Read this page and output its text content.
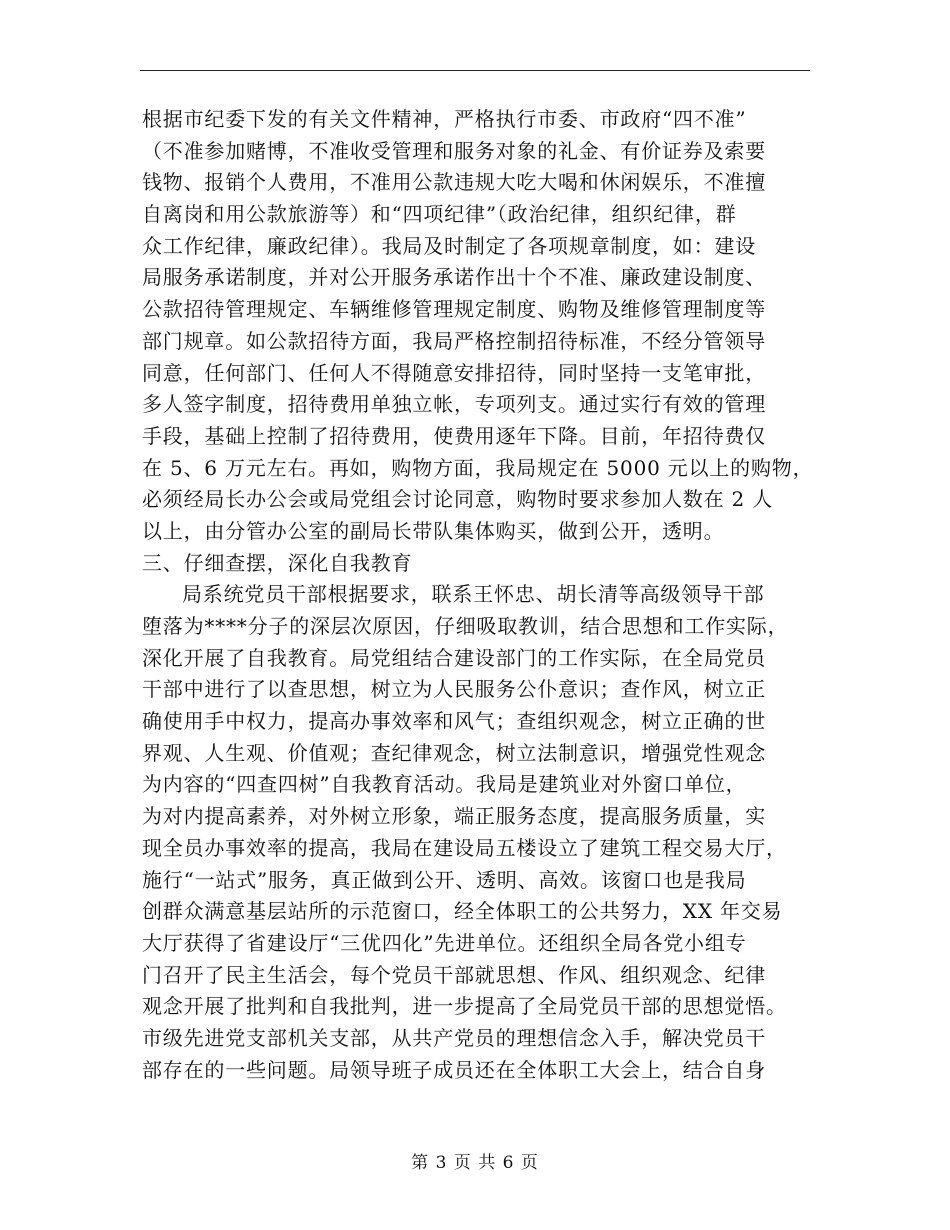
根据市纪委下发的有关文件精神，严格执行市委、市政府“四不准”
（不准参加赌博，不准收受管理和服务对象的礼金、有价证券及索要
钱物、报销个人费用，不准用公款违规大吃大喝和休闲娱乐，不准擅
自离岗和用公款旅游等）和“四项纪律”（政治纪律，组织纪律，群
众工作纪律，廉政纪律）。我局及时制定了各项规章制度，如：建设
局服务承诺制度，并对公开服务承诺作出十个不准、廉政建设制度、
公款招待管理规定、车辆维修管理规定制度、购物及维修管理制度等
部门规章。如公款招待方面，我局严格控制招待标准，不经分管领导
同意，任何部门、任何人不得随意安排招待，同时坚持一支笔审批，
多人签字制度，招待费用单独立帐，专项列支。通过实行有效的管理
手段，基础上控制了招待费用，使费用逐年下降。目前，年招待费仅
在 5、6 万元左右。再如，购物方面，我局规定在 5000 元以上的购物，
必须经局长办公会或局党组会讨论同意，购物时要求参加人数在 2 人
以上，由分管办公室的副局长带队集体购买，做到公开，透明。
三、仔细查摆，深化自我教育
局系统党员干部根据要求，联系王怀忠、胡长清等高级领导干部
堕落为****分子的深层次原因，仔细吸取教训，结合思想和工作实际，
深化开展了自我教育。局党组结合建设部门的工作实际，在全局党员
干部中进行了以查思想，树立为人民服务公仆意识；查作风，树立正
确使用手中权力，提高办事效率和风气；查组织观念，树立正确的世
界观、人生观、价值观；查纪律观念，树立法制意识，增强党性观念
为内容的“四查四树”自我教育活动。我局是建筑业对外窗口单位，
为对内提高素养，对外树立形象，端正服务态度，提高服务质量，实
现全员办事效率的提高，我局在建设局五楼设立了建筑工程交易大厅，
施行“一站式”服务，真正做到公开、透明、高效。该窗口也是我局
创群众满意基层站所的示范窗口，经全体职工的公共努力，XX 年交易
大厅获得了省建设厅“三优四化”先进单位。还组织全局各党小组专
门召开了民主生活会，每个党员干部就思想、作风、组织观念、纪律
观念开展了批判和自我批判，进一步提高了全局党员干部的思想觉悟。
市级先进党支部机关支部，从共产党员的理想信念入手，解决党员干
部存在的一些问题。局领导班子成员还在全体职工大会上，结合自身
第 3 页 共 6 页
